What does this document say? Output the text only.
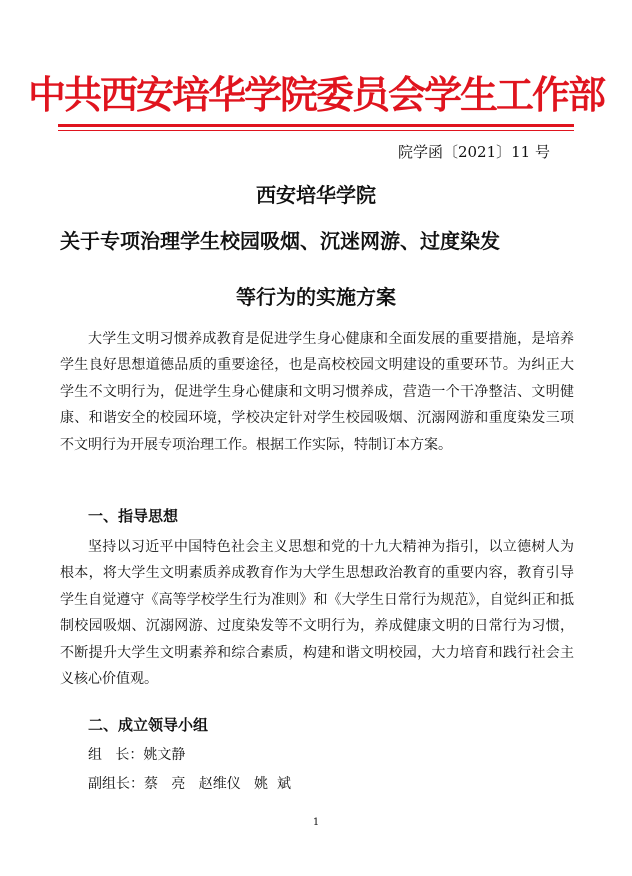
中共西安培华学院委员会学生工作部
院学函〔2021〕11 号
西安培华学院
关于专项治理学生校园吸烟、沉迷网游、过度染发
等行为的实施方案

大学生文明习惯养成教育是促进学生身心健康和全面发展的重要措施，是培养学生良好思想道德品质的重要途径，也是高校校园文明建设的重要环节。为纠正大学生不文明行为，促进学生身心健康和文明习惯养成，营造一个干净整洁、文明健康、和谐安全的校园环境，学校决定针对学生校园吸烟、沉溺网游和重度染发三项不文明行为开展专项治理工作。根据工作实际，特制订本方案。

一、指导思想

坚持以习近平中国特色社会主义思想和党的十九大精神为指引，以立德树人为根本，将大学生文明素质养成教育作为大学生思想政治教育的重要内容，教育引导学生自觉遵守《高等学校学生行为准则》和《大学生日常行为规范》，自觉纠正和抵制校园吸烟、沉溺网游、过度染发等不文明行为，养成健康文明的日常行为习惯，不断提升大学生文明素养和综合素质，构建和谐文明校园，大力培育和践行社会主义核心价值观。

二、成立领导小组
组   长：姚文静
副组长：蔡   亮   赵维仪   姚  斌
1
